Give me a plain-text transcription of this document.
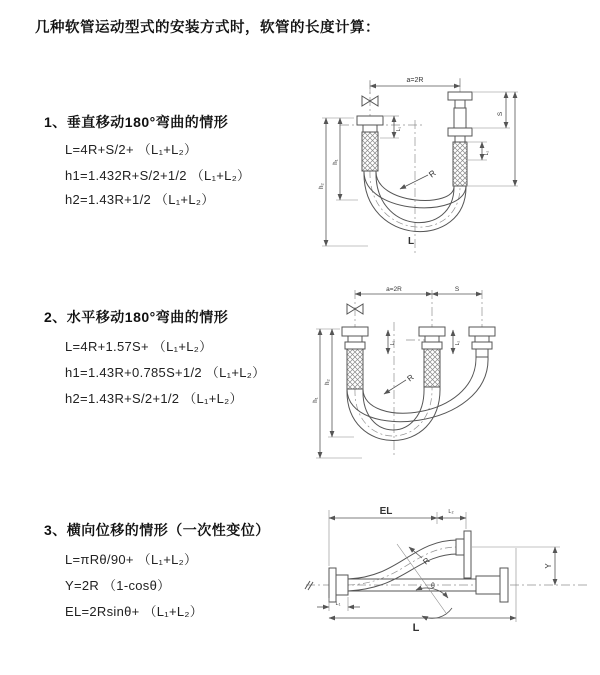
几种软管运动型式的安装方式时，软管的长度计算：
1、垂直移动180°弯曲的情形
L=4R+S/2+ （L₁+L₂）
h1=1.432R+S/2+1/2 （L₁+L₂）
h2=1.43R+1/2 （L₁+L₂）
2、水平移动180°弯曲的情形
L=4R+1.57S+ （L₁+L₂）
h1=1.43R+0.785S+1/2 （L₁+L₂）
h2=1.43R+S/2+1/2 （L₁+L₂）
3、横向位移的情形（一次性变位）
L=πRθ/90+ （L₁+L₂）
Y=2R （1-cosθ）
EL=2Rsinθ+ （L₁+L₂）
a=2R
S
L₁
L₂
h₁
h₂
R
L
a=2R	S
L₁	L₂
h₂
h₁
R
EL	L₂
L₁
L
Y
R
θ
